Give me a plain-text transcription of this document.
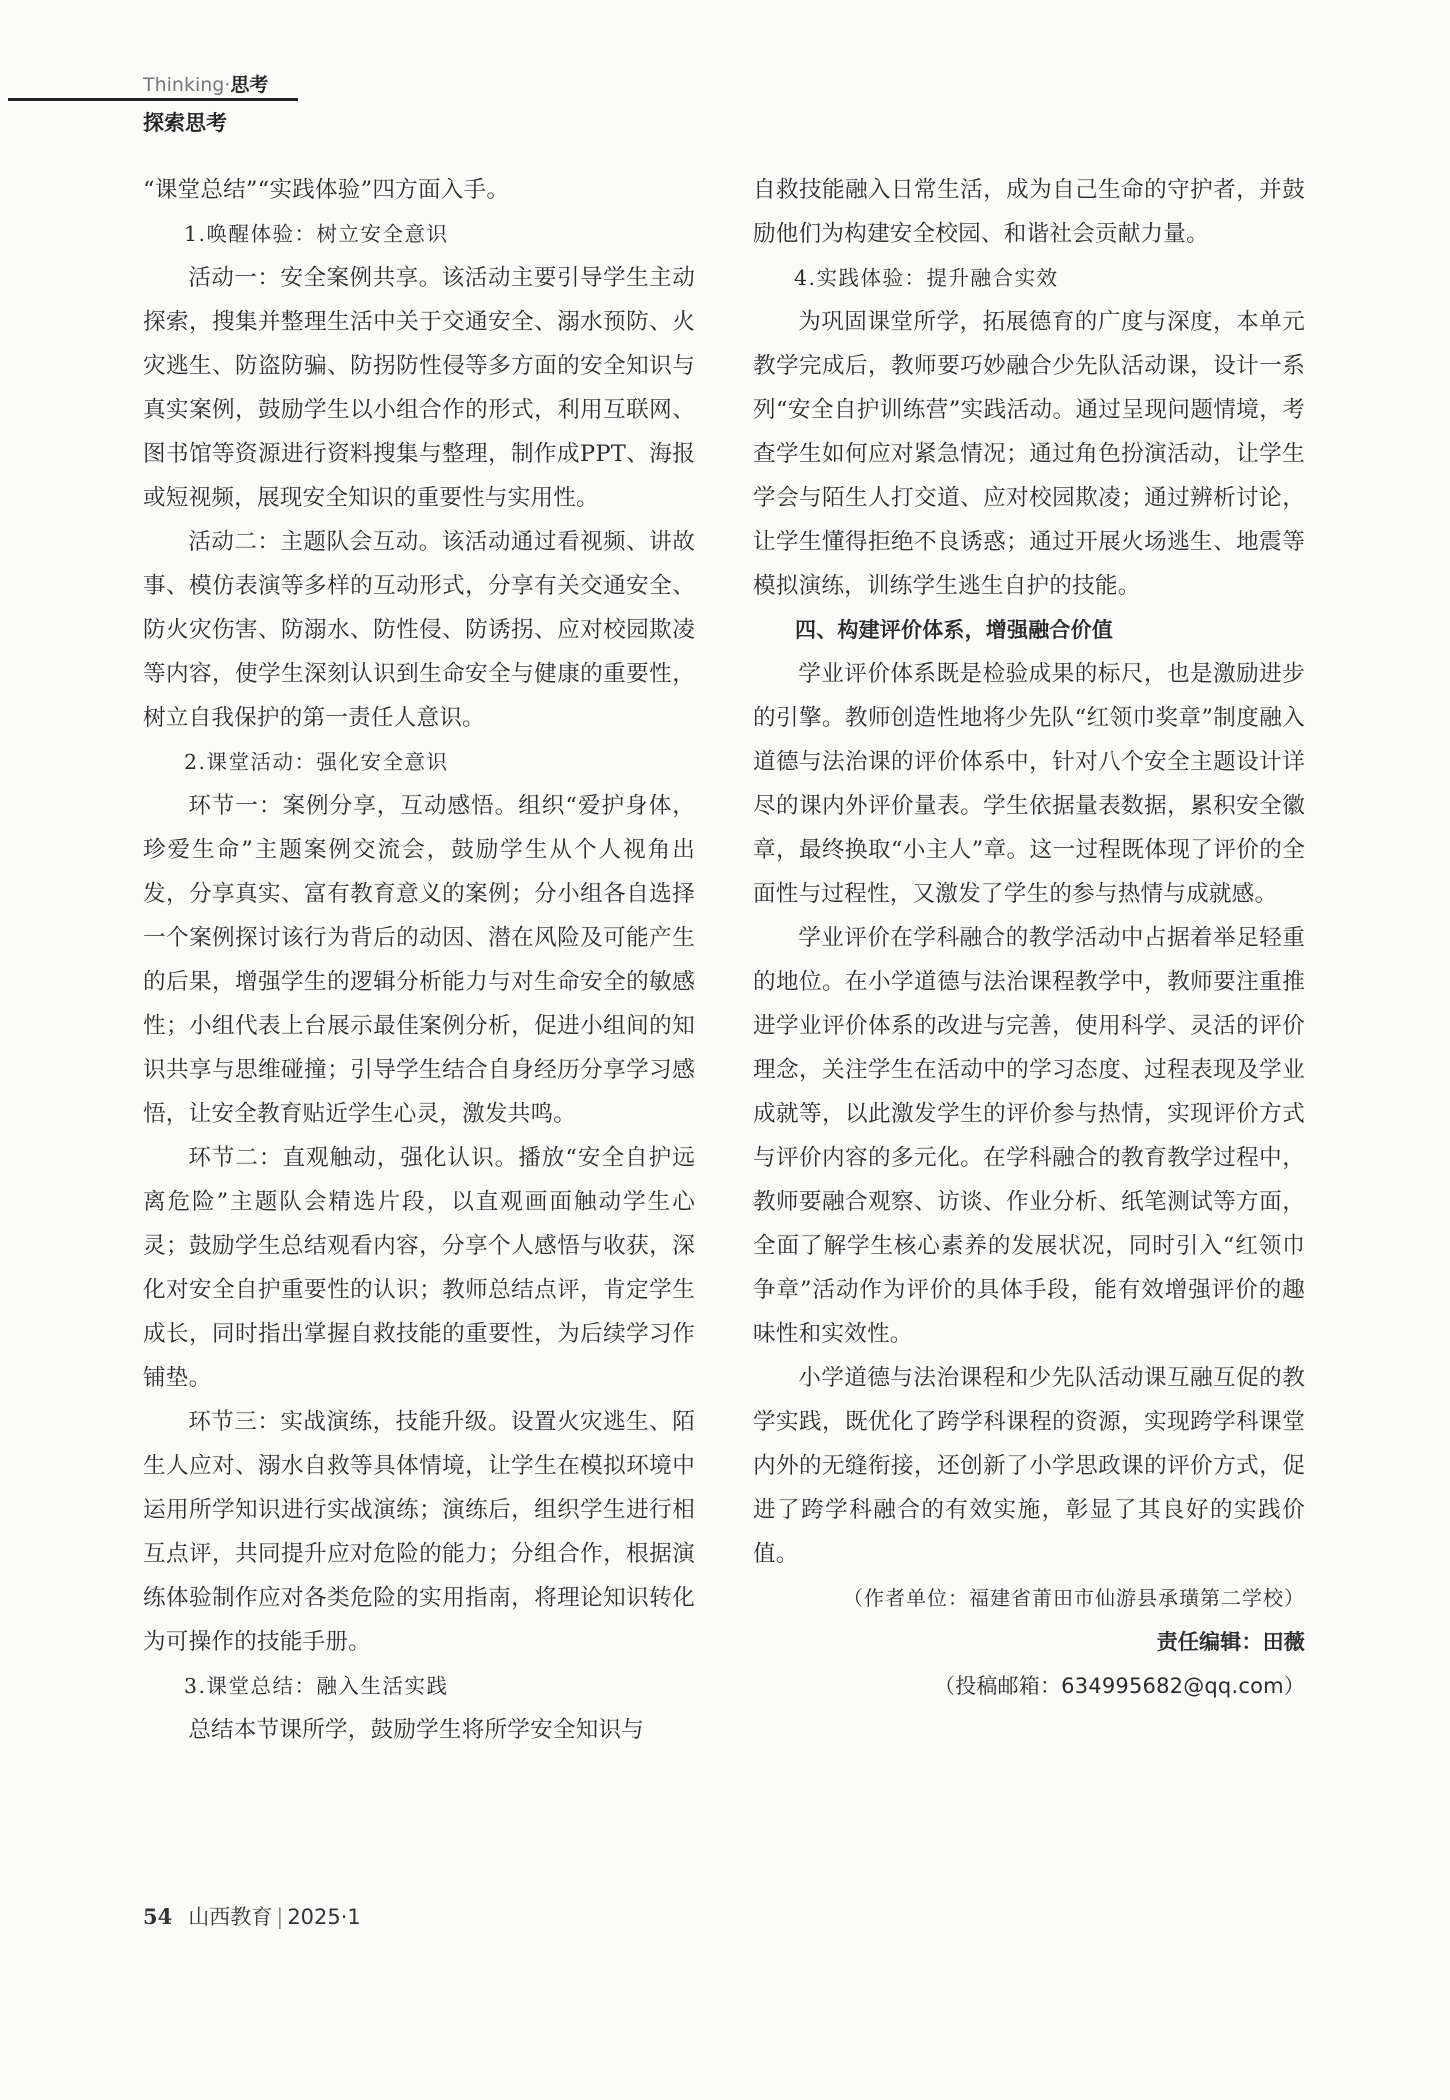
Thinking·思考
探索思考

“课堂总结”“实践体验”四方面入手。

1.唤醒体验：树立安全意识

活动一：安全案例共享。该活动主要引导学生主动探索，搜集并整理生活中关于交通安全、溺水预防、火灾逃生、防盗防骗、防拐防性侵等多方面的安全知识与真实案例，鼓励学生以小组合作的形式，利用互联网、图书馆等资源进行资料搜集与整理，制作成PPT、海报或短视频，展现安全知识的重要性与实用性。

活动二：主题队会互动。该活动通过看视频、讲故事、模仿表演等多样的互动形式，分享有关交通安全、防火灾伤害、防溺水、防性侵、防诱拐、应对校园欺凌等内容，使学生深刻认识到生命安全与健康的重要性，树立自我保护的第一责任人意识。

2.课堂活动：强化安全意识

环节一：案例分享，互动感悟。组织“爱护身体，珍爱生命”主题案例交流会，鼓励学生从个人视角出发，分享真实、富有教育意义的案例；分小组各自选择一个案例探讨该行为背后的动因、潜在风险及可能产生的后果，增强学生的逻辑分析能力与对生命安全的敏感性；小组代表上台展示最佳案例分析，促进小组间的知识共享与思维碰撞；引导学生结合自身经历分享学习感悟，让安全教育贴近学生心灵，激发共鸣。

环节二：直观触动，强化认识。播放“安全自护远离危险”主题队会精选片段，以直观画面触动学生心灵；鼓励学生总结观看内容，分享个人感悟与收获，深化对安全自护重要性的认识；教师总结点评，肯定学生成长，同时指出掌握自救技能的重要性，为后续学习作铺垫。

环节三：实战演练，技能升级。设置火灾逃生、陌生人应对、溺水自救等具体情境，让学生在模拟环境中运用所学知识进行实战演练；演练后，组织学生进行相互点评，共同提升应对危险的能力；分组合作，根据演练体验制作应对各类危险的实用指南，将理论知识转化为可操作的技能手册。

3.课堂总结：融入生活实践

总结本节课所学，鼓励学生将所学安全知识与

自救技能融入日常生活，成为自己生命的守护者，并鼓励他们为构建安全校园、和谐社会贡献力量。

4.实践体验：提升融合实效

为巩固课堂所学，拓展德育的广度与深度，本单元教学完成后，教师要巧妙融合少先队活动课，设计一系列“安全自护训练营”实践活动。通过呈现问题情境，考查学生如何应对紧急情况；通过角色扮演活动，让学生学会与陌生人打交道、应对校园欺凌；通过辨析讨论，让学生懂得拒绝不良诱惑；通过开展火场逃生、地震等模拟演练，训练学生逃生自护的技能。

四、构建评价体系，增强融合价值

学业评价体系既是检验成果的标尺，也是激励进步的引擎。教师创造性地将少先队“红领巾奖章”制度融入道德与法治课的评价体系中，针对八个安全主题设计详尽的课内外评价量表。学生依据量表数据，累积安全徽章，最终换取“小主人”章。这一过程既体现了评价的全面性与过程性，又激发了学生的参与热情与成就感。

学业评价在学科融合的教学活动中占据着举足轻重的地位。在小学道德与法治课程教学中，教师要注重推进学业评价体系的改进与完善，使用科学、灵活的评价理念，关注学生在活动中的学习态度、过程表现及学业成就等，以此激发学生的评价参与热情，实现评价方式与评价内容的多元化。在学科融合的教育教学过程中，教师要融合观察、访谈、作业分析、纸笔测试等方面，全面了解学生核心素养的发展状况，同时引入“红领巾争章”活动作为评价的具体手段，能有效增强评价的趣味性和实效性。

小学道德与法治课程和少先队活动课互融互促的教学实践，既优化了跨学科课程的资源，实现跨学科课堂内外的无缝衔接，还创新了小学思政课的评价方式，促进了跨学科融合的有效实施，彰显了其良好的实践价值。

（作者单位：福建省莆田市仙游县承璜第二学校）

责任编辑：田薇

（投稿邮箱：634995682@qq.com）

54 山西教育 | 2025·1
